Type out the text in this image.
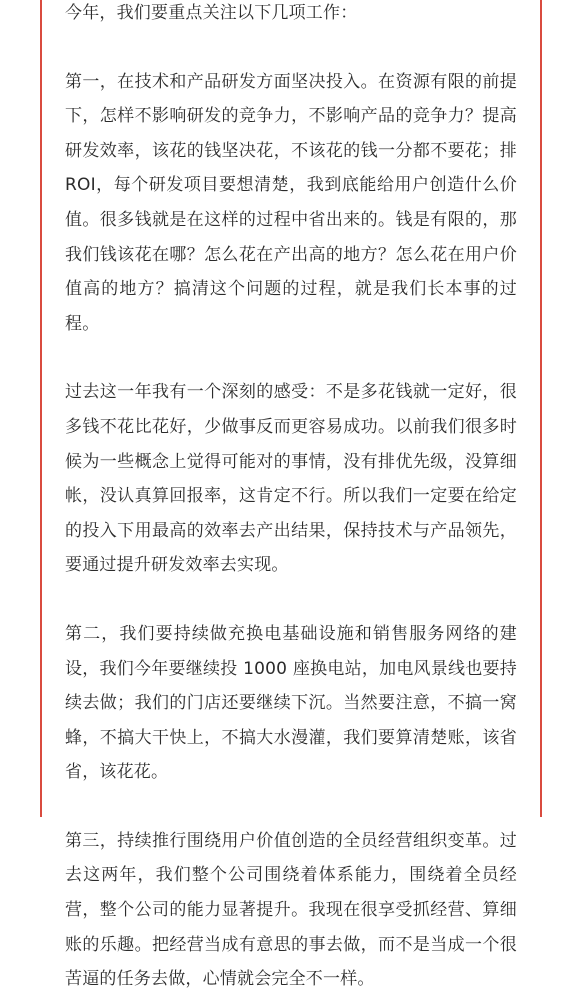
今年，我们要重点关注以下几项工作：

第一，在技术和产品研发方面坚决投入。在资源有限的前提下，怎样不影响研发的竞争力，不影响产品的竞争力？提高研发效率，该花的钱坚决花，不该花的钱一分都不要花；排 ROI，每个研发项目要想清楚，我到底能给用户创造什么价值。很多钱就是在这样的过程中省出来的。钱是有限的，那我们钱该花在哪？怎么花在产出高的地方？怎么花在用户价值高的地方？搞清这个问题的过程，就是我们长本事的过程。

过去这一年我有一个深刻的感受：不是多花钱就一定好，很多钱不花比花好，少做事反而更容易成功。以前我们很多时候为一些概念上觉得可能对的事情，没有排优先级，没算细帐，没认真算回报率，这肯定不行。所以我们一定要在给定的投入下用最高的效率去产出结果，保持技术与产品领先，要通过提升研发效率去实现。

第二，我们要持续做充换电基础设施和销售服务网络的建设，我们今年要继续投 1000 座换电站，加电风景线也要持续去做；我们的门店还要继续下沉。当然要注意，不搞一窝蜂，不搞大干快上，不搞大水漫灌，我们要算清楚账，该省省，该花花。

第三，持续推行围绕用户价值创造的全员经营组织变革。过去这两年，我们整个公司围绕着体系能力，围绕着全员经营，整个公司的能力显著提升。我现在很享受抓经营、算细账的乐趣。把经营当成有意思的事去做，而不是当成一个很苦逼的任务去做，心情就会完全不一样。
